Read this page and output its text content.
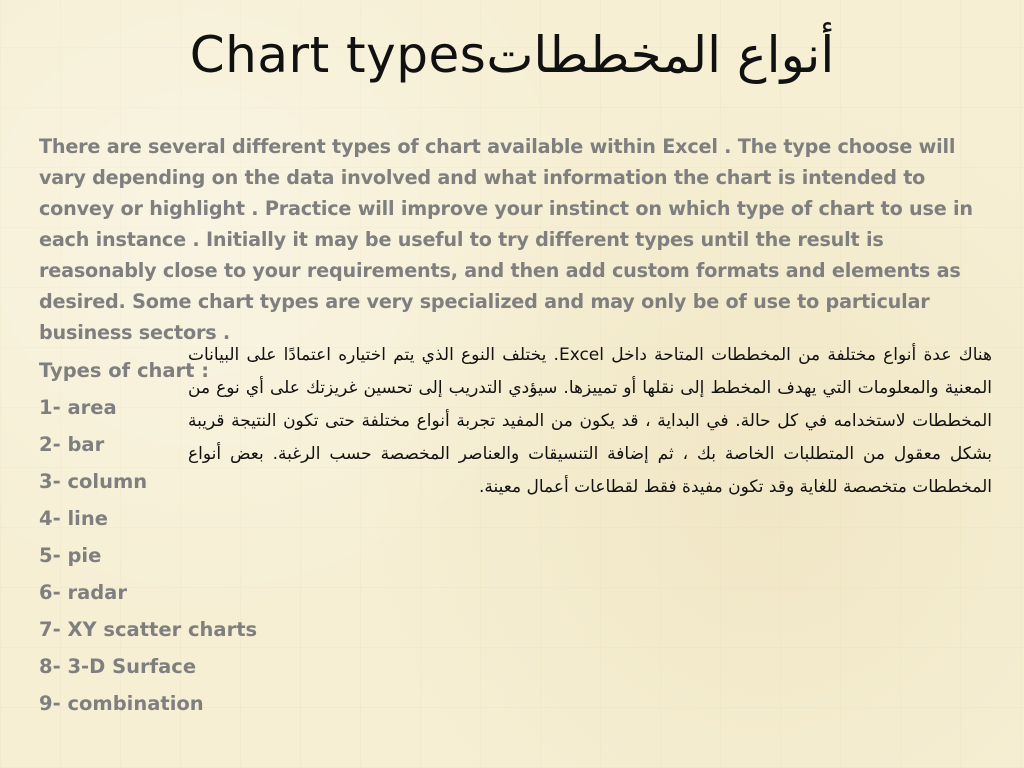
Chart typesأنواع المخططات
There are several different types of chart available within Excel . The type choose will vary depending on the data involved and what information the chart is intended to convey or highlight . Practice will improve your instinct on which type of chart to use in each instance . Initially it may be useful to try different types until the result is reasonably close to your requirements, and then add custom formats and elements as desired. Some chart types are very specialized and may only be of use to particular business sectors .
Types of chart :
1- area
2- bar
3- column
4- line
5- pie
6- radar
7- XY scatter charts
8- 3-D Surface
9- combination
هناك عدة أنواع مختلفة من المخططات المتاحة داخل Excel. يختلف النوع الذي يتم اختياره اعتمادًا على البيانات المعنية والمعلومات التي يهدف المخطط إلى نقلها أو تمييزها. سيؤدي التدريب إلى تحسين غريزتك على أي نوع من المخططات لاستخدامه في كل حالة. في البداية ، قد يكون من المفيد تجربة أنواع مختلفة حتى تكون النتيجة قريبة بشكل معقول من المتطلبات الخاصة بك ، ثم إضافة التنسيقات والعناصر المخصصة حسب الرغبة. بعض أنواع المخططات متخصصة للغاية وقد تكون مفيدة فقط لقطاعات أعمال معينة.
